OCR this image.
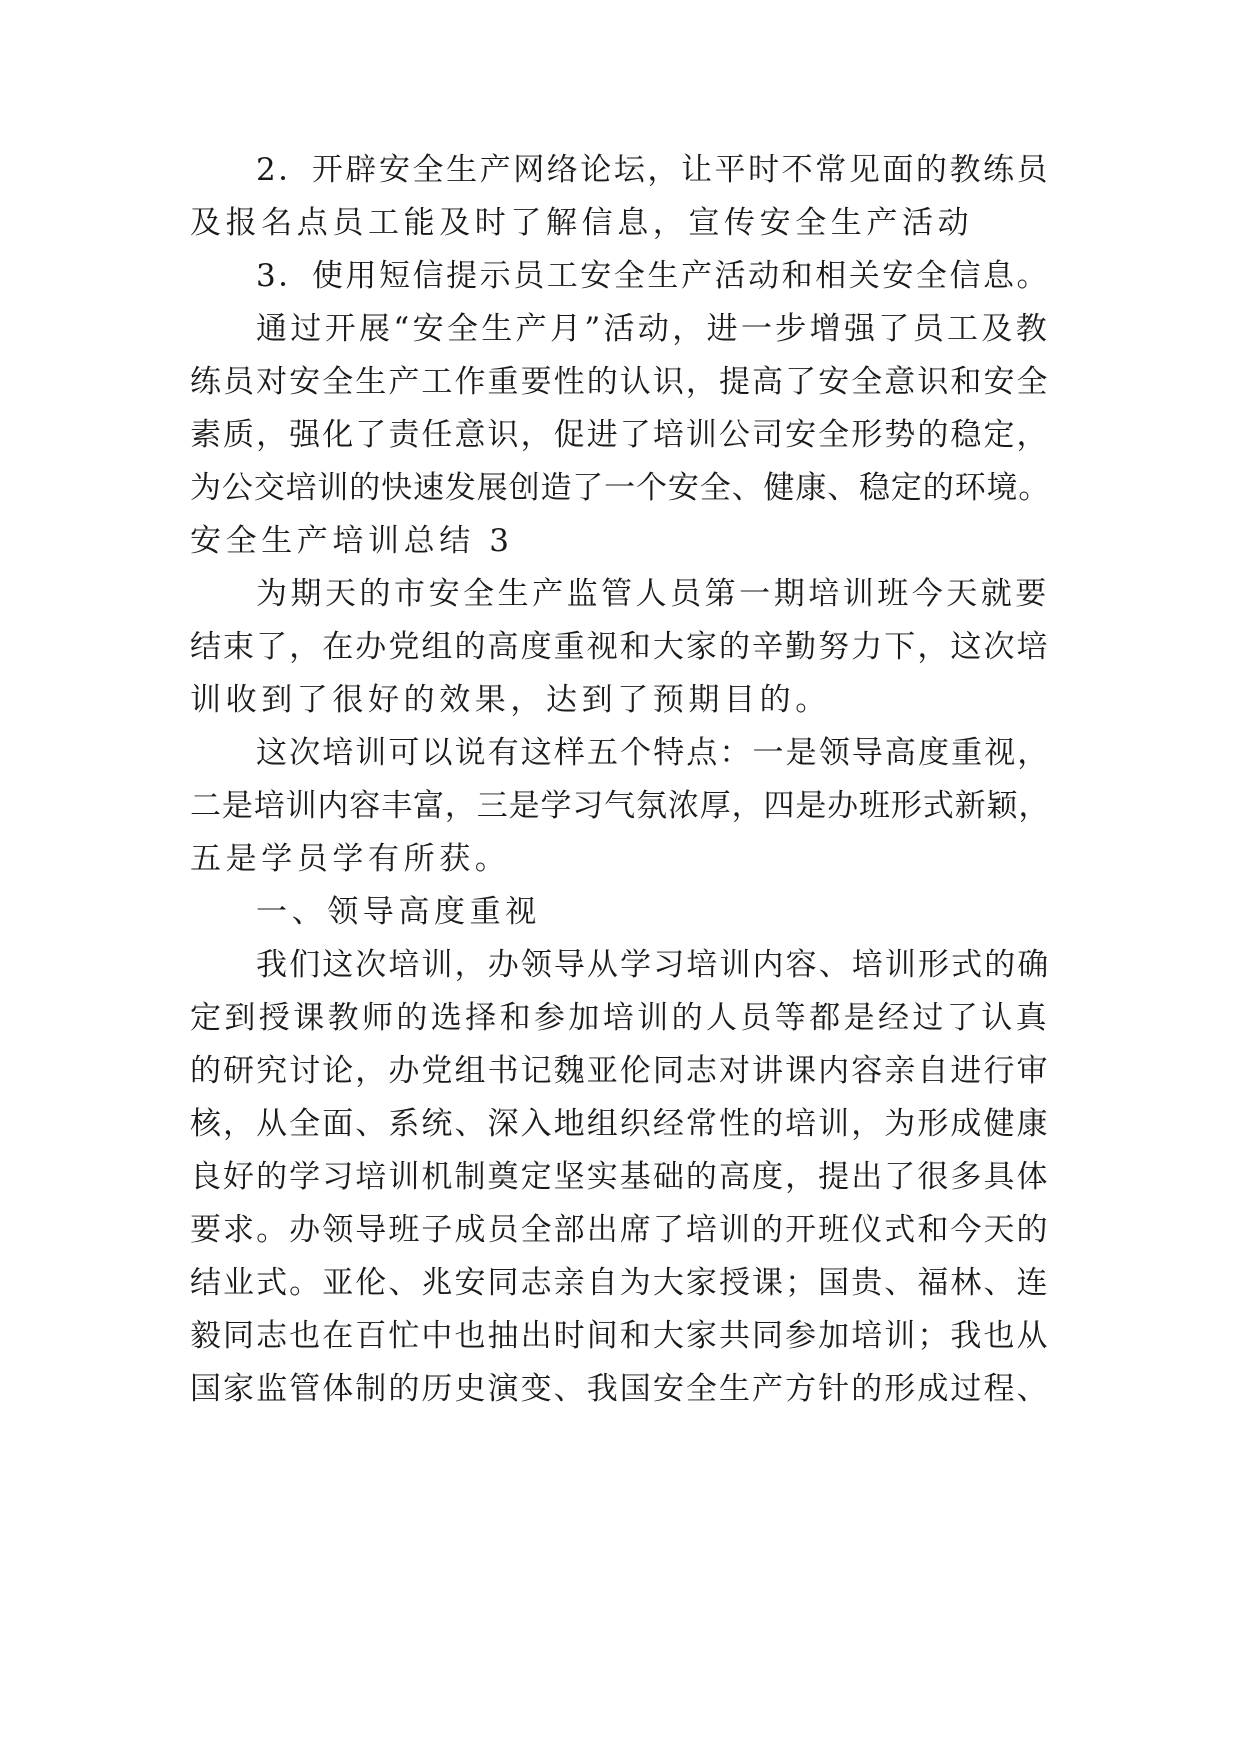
2．开辟安全生产网络论坛，让平时不常见面的教练员
及报名点员工能及时了解信息，宣传安全生产活动
3．使用短信提示员工安全生产活动和相关安全信息。
通过开展“安全生产月”活动，进一步增强了员工及教
练员对安全生产工作重要性的认识，提高了安全意识和安全
素质，强化了责任意识，促进了培训公司安全形势的稳定，
为公交培训的快速发展创造了一个安全、健康、稳定的环境。
安全生产培训总结 3
为期天的市安全生产监管人员第一期培训班今天就要
结束了，在办党组的高度重视和大家的辛勤努力下，这次培
训收到了很好的效果，达到了预期目的。
这次培训可以说有这样五个特点：一是领导高度重视，
二是培训内容丰富，三是学习气氛浓厚，四是办班形式新颖，
五是学员学有所获。
一、领导高度重视
我们这次培训，办领导从学习培训内容、培训形式的确
定到授课教师的选择和参加培训的人员等都是经过了认真
的研究讨论，办党组书记魏亚伦同志对讲课内容亲自进行审
核，从全面、系统、深入地组织经常性的培训，为形成健康
良好的学习培训机制奠定坚实基础的高度，提出了很多具体
要求。办领导班子成员全部出席了培训的开班仪式和今天的
结业式。亚伦、兆安同志亲自为大家授课；国贵、福林、连
毅同志也在百忙中也抽出时间和大家共同参加培训；我也从
国家监管体制的历史演变、我国安全生产方针的形成过程、
